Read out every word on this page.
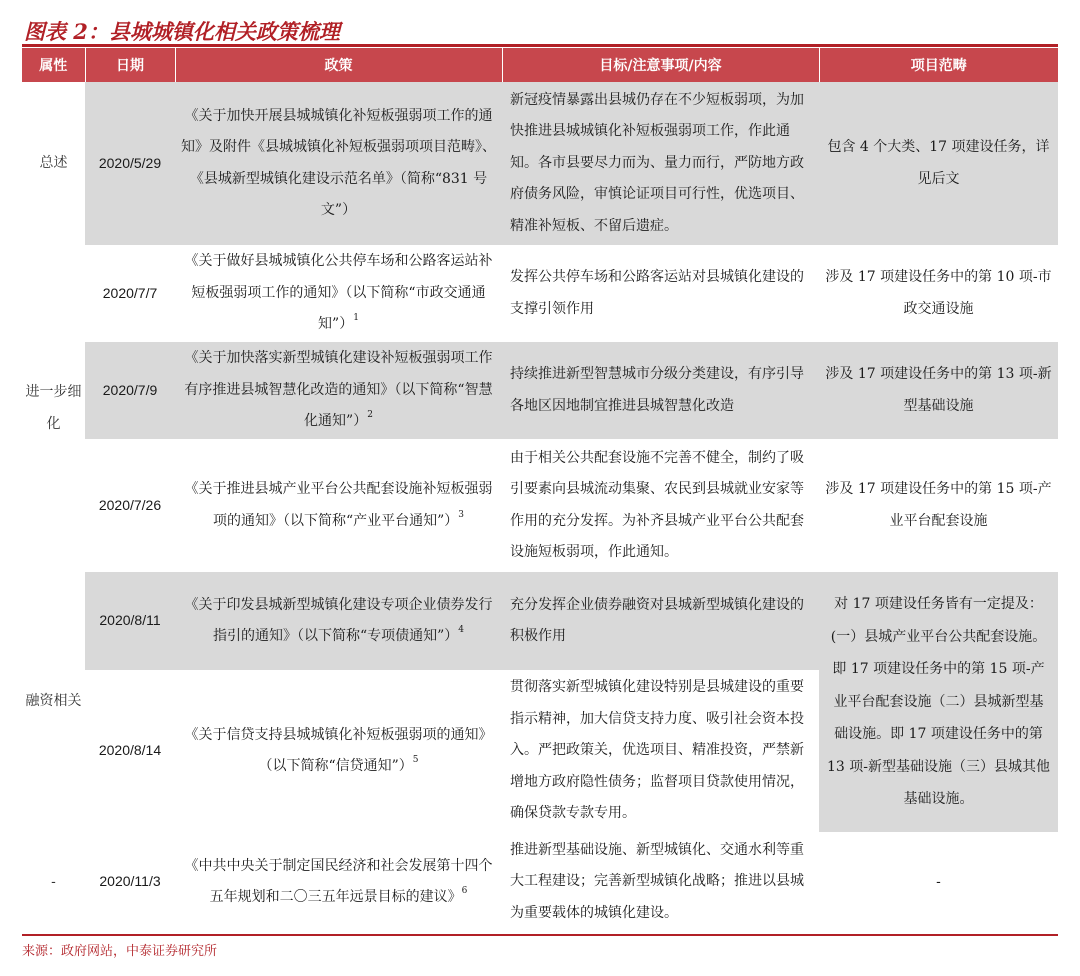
图表 2：县城城镇化相关政策梳理
属性	日期	政策	目标/注意事项/内容	项目范畴
总述	2020/5/29	《关于加快开展县城城镇化补短板强弱项工作的通知》及附件《县城城镇化补短板强弱项项目范畴》、《县城新型城镇化建设示范名单》（简称“831 号文”）	新冠疫情暴露出县城仍存在不少短板弱项，为加快推进县城城镇化补短板强弱项工作，作此通知。各市县要尽力而为、量力而行，严防地方政府债务风险，审慎论证项目可行性，优选项目、精准补短板、不留后遗症。	包含 4 个大类、17 项建设任务，详见后文
进一步细化	2020/7/7	《关于做好县城城镇化公共停车场和公路客运站补短板强弱项工作的通知》（以下简称“市政交通通知”）$^1$	发挥公共停车场和公路客运站对县城镇化建设的支撑引领作用	涉及 17 项建设任务中的第 10 项-市政交通设施
	2020/7/9	《关于加快落实新型城镇化建设补短板强弱项工作 有序推进县城智慧化改造的通知》（以下简称“智慧化通知”）$^2$	持续推进新型智慧城市分级分类建设，有序引导各地区因地制宜推进县城智慧化改造	涉及 17 项建设任务中的第 13 项-新型基础设施
	2020/7/26	《关于推进县城产业平台公共配套设施补短板强弱项的通知》（以下简称“产业平台通知”）$^3$	由于相关公共配套设施不完善不健全，制约了吸引要素向县城流动集聚、农民到县城就业安家等作用的充分发挥。为补齐县城产业平台公共配套设施短板弱项，作此通知。	涉及 17 项建设任务中的第 15 项-产业平台配套设施
融资相关	2020/8/11	《关于印发县城新型城镇化建设专项企业债券发行指引的通知》（以下简称“专项债通知”）$^4$	充分发挥企业债券融资对县城新型城镇化建设的积极作用	对 17 项建设任务皆有一定提及：(一）县城产业平台公共配套设施。即 17 项建设任务中的第 15 项-产业平台配套设施（二）县城新型基础设施。即 17 项建设任务中的第 13 项-新型基础设施（三）县城其他基础设施。
	2020/8/14	《关于信贷支持县城城镇化补短板强弱项的通知》（以下简称“信贷通知”）$^5$	贯彻落实新型城镇化建设特别是县城建设的重要指示精神，加大信贷支持力度、吸引社会资本投入。严把政策关，优选项目、精准投资，严禁新增地方政府隐性债务；监督项目贷款使用情况，确保贷款专款专用。	
-	2020/11/3	《中共中央关于制定国民经济和社会发展第十四个五年规划和二〇三五年远景目标的建议》$^6$	推进新型基础设施、新型城镇化、交通水利等重大工程建设；完善新型城镇化战略；推进以县城为重要载体的城镇化建设。	-
来源：政府网站，中泰证券研究所
